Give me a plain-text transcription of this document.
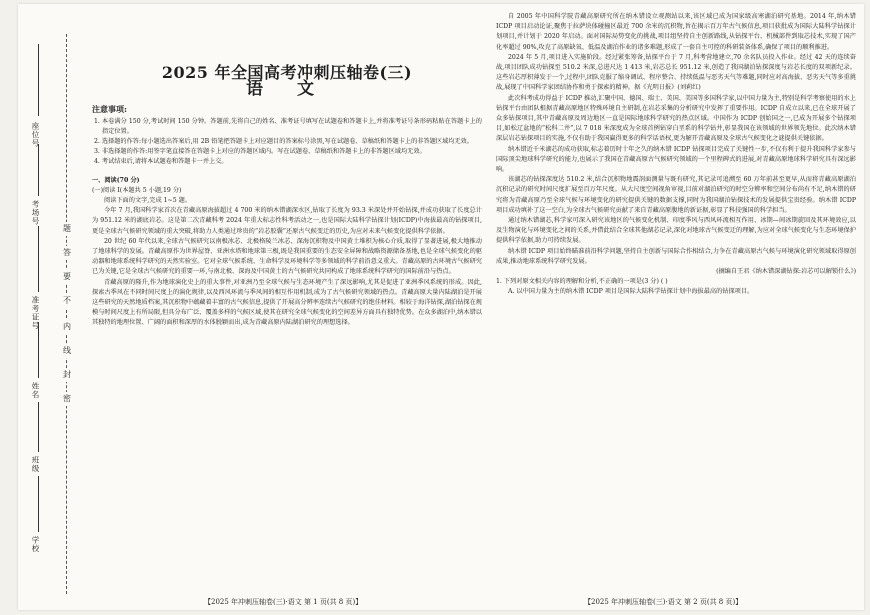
座位号
考场号
准考证号
姓名
班级
学校
题
答
要
不
内
线
封
密
2025 年全国高考冲刺压轴卷(三)
语 文
注意事项:
1. 本卷满分 150 分,考试时间 150 分钟。答题前,先将自己的姓名、准考证号填写在试题卷和答题卡上,并将准考证号条形码粘贴在答题卡上的指定位置。
2. 选择题的作答:每小题选出答案后,用 2B 铅笔把答题卡上对应题目的答案标号涂黑,写在试题卷、草稿纸和答题卡上的非答题区域均无效。
3. 非选择题的作答:用签字笔直接答在答题卡上对应的答题区域内。写在试题卷、草稿纸和答题卡上的非答题区域均无效。
4. 考试结束后,请将本试题卷和答题卡一并上交。
一、阅读(70 分)
(一)阅读 I(本题共 5 小题,19 分)
阅读下面的文字,完成 1~5 题。
今年 7 月,我国科学家首次在青藏高原海拔超过 4 700 米的纳木错湖深水区,钻取了长度为 93.3 米深处并开始钻探,并成功获取了长度总计为 951.12 米的湖底岩芯。这是第二次青藏科考 2024 年重大标志性科考活动之一,也是国际大陆科学钻探计划(ICDP)中海拔最高的钻探项目,更是全球古气候研究领域的重大突破,将助力人类通过珍贵的“岩芯胶囊”还原古气候变迁的历史,为应对未来气候变化提供科学依据。
20 世纪 60 年代以来,全球古气候研究以南极冰芯、北极格陵兰冰芯、深海沉积物及中国黄土堆积为核心介质,取得了显著进展,极大地推动了地球科学的发展。青藏高原作为世界屋脊、亚洲水塔和地球第三极,既是我国重要的生态安全屏障和战略资源储备基地,也是全球气候变化的驱动器和地球系统科学研究的天然实验室。它对全球气候系统、生命科学及环境科学等多领域的科学前沿意义重大。青藏高原的古环境古气候研究已为关键,它是全球古气候研究的重要一环,与南北极、深海及中国黄土的古气候研究共同构成了地球系统科学研究的国际前沿与热点。
青藏高原的隆升,作为地球演化史上的重大事件,对亚洲乃至全球气候与生态环境产生了深远影响,尤其是促进了亚洲季风系统的形成。因此,探索古季风在不同时间尺度上的演化规律,以及西风环流与季风间的相互作用机制,成为了古气候研究领域的热点。青藏高原大量内陆湖泊是开展这些研究的天然地质档案,其沉积物中蕴藏着丰富的古气候信息,提供了开展高分辨率连续古气候研究的绝佳材料。相较于海洋钻探,湖泊钻探在规模与时间尺度上有所局限,但具分布广泛、覆盖多样的气候区域,使其在研究全球气候变化的空间差异方面具有独特优势。在众多湖泊中,纳木错以其独特的地理位置、广阔的面积和深厚的水体脱颖而出,成为青藏高原内陆湖泊研究的理想选择。
自 2005 年中国科学院青藏高原研究所在纳木错设立观测站以来,该区域已成为国家级高寒湖泊研究基地。2014 年,纳木错 ICDP 项目启动论证,聚焦于拉萨块体碰撞区最近 700 余米的沉积物,旨在揭示百万年古气候信息,项目获批成为国际大陆科学钻探计划项目,并计划于 2020 年启动。面对国际局势变化的挑战,项目组坚持自主创新路线,从钻探平台、机械部件到取芯技术,实现了国产化率超过 90%,攻克了高原缺氧、低温及湖泊作业的诸多难题,形成了一套自主可控的科研装备体系,确保了项目的顺利推进。
2024 年 5 月,项目进入实施阶段。经过紧张筹备,钻探平台于 7 月,科考营地建立,70 余名队员投入作业。经过 42 天的连续奋战,项目团队成功钻探至 510.2 米深,总进尺达 1 413 米,岩芯总长 951.12 米,创造了我国湖泊钻探深度与岩芯长度的双项新纪录。这些岩芯厚积薄发于一个,过程中,团队克服了缩身调试、程序整合、持续低温与恶劣天气等难题,同时应对高海拔、恶劣天气等多重挑战,展现了中国科学家团结协作和勇于探索的精神。据《光明日报》(刘莉红)
此次科考成功得益于 ICDP 推动,汇聚中国、德国、瑞士、美国、美国等多国科学家,以中国力量为主,特别是科学考察使用的水上钻探平台由团队根据青藏高原地区特殊环境自主研制,在岩芯采集的分析研究中发挥了重要作用。ICDP 自成立以来,已在全球开展了众多钻探项目,其中青藏高原及周边地区一直是国际地球科学研究的热点区域。中国作为 ICDP 创始国之一,已成为开展多个钻探项目,如松辽盆地的“松科二井”,以 7 018 米深度成为全球首例钻穿白垩系的科学钻井,彰显我国在该领域的世界领先地位。此次纳木错深层岩芯钻探项目的实施,不仅有助于我国赢得更多的科学话语权,更为解开青藏高原及全球古气候变化之谜提供关键依据。
纳木错近千米湖芯的成功获取,标志着历时十年之久的纳木错 ICDP 钻探项目完成了关键性一步,不仅有利于提升我国科学家参与国际顶尖地球科学研究的能力,也展示了我国在青藏高原古气候研究领域的一个里程碑式的进展,对青藏高原地球科学研究具有深远影响。
该湖芯的钻探深度达 510.2 米,结合沉积物地震剖面测量与既有研究,其记录可追溯至 60 万年前甚至更早,从而将青藏高原湖泊沉积记录的研究时间尺度扩展至百万年尺度。从大尺度空间视角审视,目前对湖泊研究的时空分辨率和空间分布尚有不足,纳木错的研究将为青藏高原乃至全球气候与环境变化的研究提供关键的数据支撑,同时为我国湖泊钻探技术的发展提供宝贵经验。纳木错 ICDP 项目成功填补了这一空白,为全球古气候研究贡献了来自青藏高原腹地的新证据,彰显了科技强国的科学担当。
通过纳木错湖芯,科学家可深入研究该地区的气候变化机制、印度季风与西风环流相互作用、冰期—间冰期旋回及其环境效应,以及生物演化与环境变化之间的关系,并借此结合全球其他湖芯记录,深化对地球古气候变迁的理解,为应对全球气候变化与生态环境保护提供科学依据,助力可持续发展。
纳木错 ICDP 项目始终瞄准前沿科学问题,坚持自主创新与国际合作相结合,力争在青藏高原古气候与环境演化研究领域取得原创成果,推动地球系统科学研究发展。
(摘编自王君《纳木错深湖钻探:岩芯可以解锁什么》)
1. 下列对原文相关内容的理解和分析,不正确的一项是(3 分) ( )
A. 以中国力量为主的纳木错 ICDP 项目是国际大陆科学钻探计划中海拔最高的钻探项目。
【2025 年冲刺压轴卷(三)·语文 第 1 页(共 8 页)】	【2025 年冲刺压轴卷(三)·语文 第 2 页(共 8 页)】
